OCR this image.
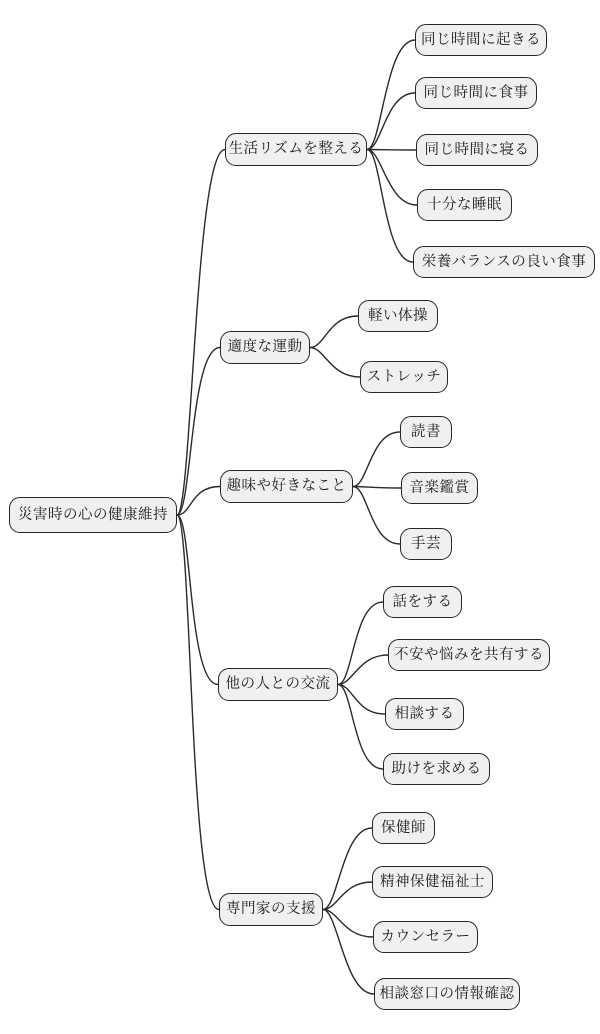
災害時の心の健康維持
生活リズムを整える
同じ時間に起きる
同じ時間に食事
同じ時間に寝る
十分な睡眠
栄養バランスの良い食事
適度な運動
軽い体操
ストレッチ
趣味や好きなこと
読書
音楽鑑賞
手芸
他の人との交流
話をする
不安や悩みを共有する
相談する
助けを求める
専門家の支援
保健師
精神保健福祉士
カウンセラー
相談窓口の情報確認
